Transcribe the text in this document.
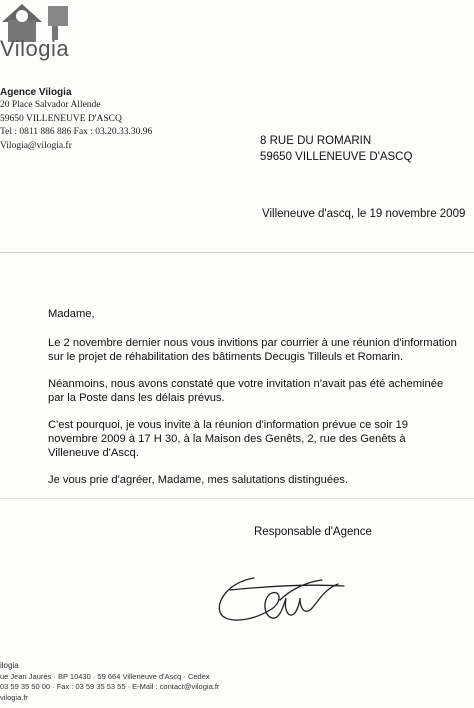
Vilogia
Agence Vilogia
20 Place Salvador Allende
59650 VILLENEUVE D'ASCQ
Tel : 0811 886 886 Fax : 03.20.33.30.96
Vilogia@vilogia.fr	8 RUE DU ROMARIN
59650 VILLENEUVE D'ASCQ
Villeneuve d'ascq, le 19 novembre 2009

Madame,

Le 2 novembre dernier nous vous invitions par courrier à une réunion d'information
sur le projet de réhabilitation des bâtiments Decugis Tilleuls et Romarin.

Néanmoins, nous avons constaté que votre invitation n'avait pas été acheminée
par la Poste dans les délais prévus.

C'est pourquoi, je vous invite à la réunion d'information prévue ce soir 19
novembre 2009 à 17 H 30, à la Maison des Genêts, 2, rue des Genêts à
Villeneuve d'Ascq.

Je vous prie d'agréer, Madame, mes salutations distinguées.

Responsable d'Agence
ilogia
ue Jean Jaurès · BP 10430 · 59 664 Villeneuve d'Ascq · Cedex
03 59 35 50 00 · Fax : 03 59 35 53 55 · E-Mail : contact@vilogia.fr
vilogia.fr
